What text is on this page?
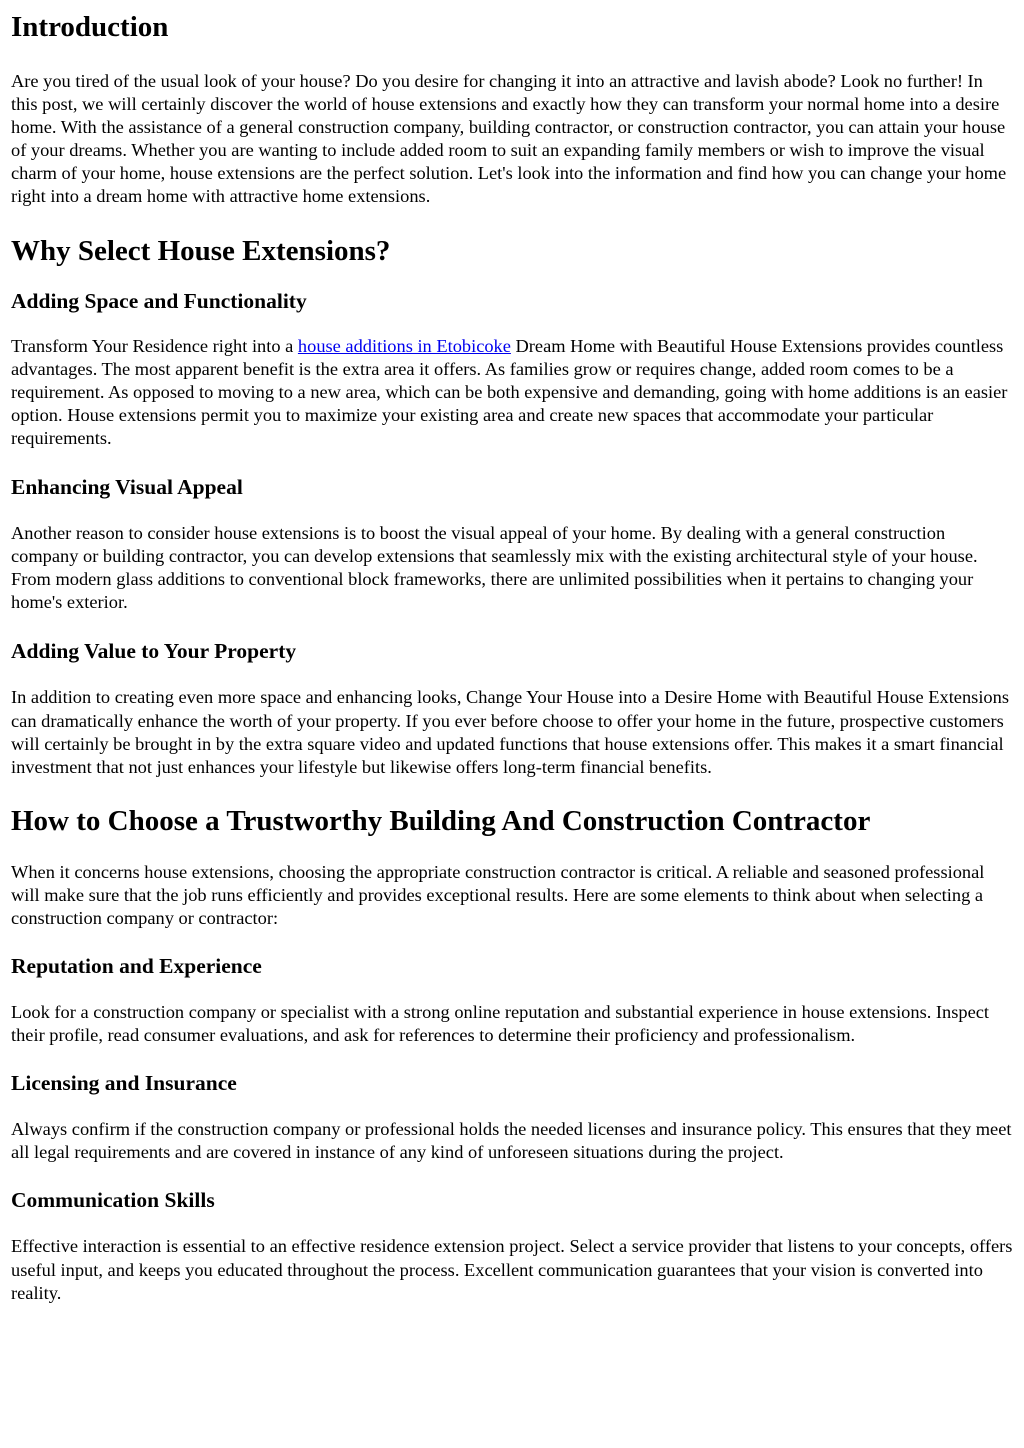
Introduction

Are you tired of the usual look of your house? Do you desire for changing it into an attractive and lavish abode? Look no further! In this post, we will certainly discover the world of house extensions and exactly how they can transform your normal home into a desire home. With the assistance of a general construction company, building contractor, or construction contractor, you can attain your house of your dreams. Whether you are wanting to include added room to suit an expanding family members or wish to improve the visual charm of your home, house extensions are the perfect solution. Let's look into the information and find how you can change your home right into a dream home with attractive home extensions.

Why Select House Extensions?
Adding Space and Functionality

Transform Your Residence right into a house additions in Etobicoke Dream Home with Beautiful House Extensions provides countless advantages. The most apparent benefit is the extra area it offers. As families grow or requires change, added room comes to be a requirement. As opposed to moving to a new area, which can be both expensive and demanding, going with home additions is an easier option. House extensions permit you to maximize your existing area and create new spaces that accommodate your particular requirements.

Enhancing Visual Appeal

Another reason to consider house extensions is to boost the visual appeal of your home. By dealing with a general construction company or building contractor, you can develop extensions that seamlessly mix with the existing architectural style of your house. From modern glass additions to conventional block frameworks, there are unlimited possibilities when it pertains to changing your home's exterior.

Adding Value to Your Property

In addition to creating even more space and enhancing looks, Change Your House into a Desire Home with Beautiful House Extensions can dramatically enhance the worth of your property. If you ever before choose to offer your home in the future, prospective customers will certainly be brought in by the extra square video and updated functions that house extensions offer. This makes it a smart financial investment that not just enhances your lifestyle but likewise offers long-term financial benefits.

How to Choose a Trustworthy Building And Construction Contractor

When it concerns house extensions, choosing the appropriate construction contractor is critical. A reliable and seasoned professional will make sure that the job runs efficiently and provides exceptional results. Here are some elements to think about when selecting a construction company or contractor:

Reputation and Experience

Look for a construction company or specialist with a strong online reputation and substantial experience in house extensions. Inspect their profile, read consumer evaluations, and ask for references to determine their proficiency and professionalism.

Licensing and Insurance

Always confirm if the construction company or professional holds the needed licenses and insurance policy. This ensures that they meet all legal requirements and are covered in instance of any kind of unforeseen situations during the project.

Communication Skills

Effective interaction is essential to an effective residence extension project. Select a service provider that listens to your concepts, offers useful input, and keeps you educated throughout the process. Excellent communication guarantees that your vision is converted into reality.
